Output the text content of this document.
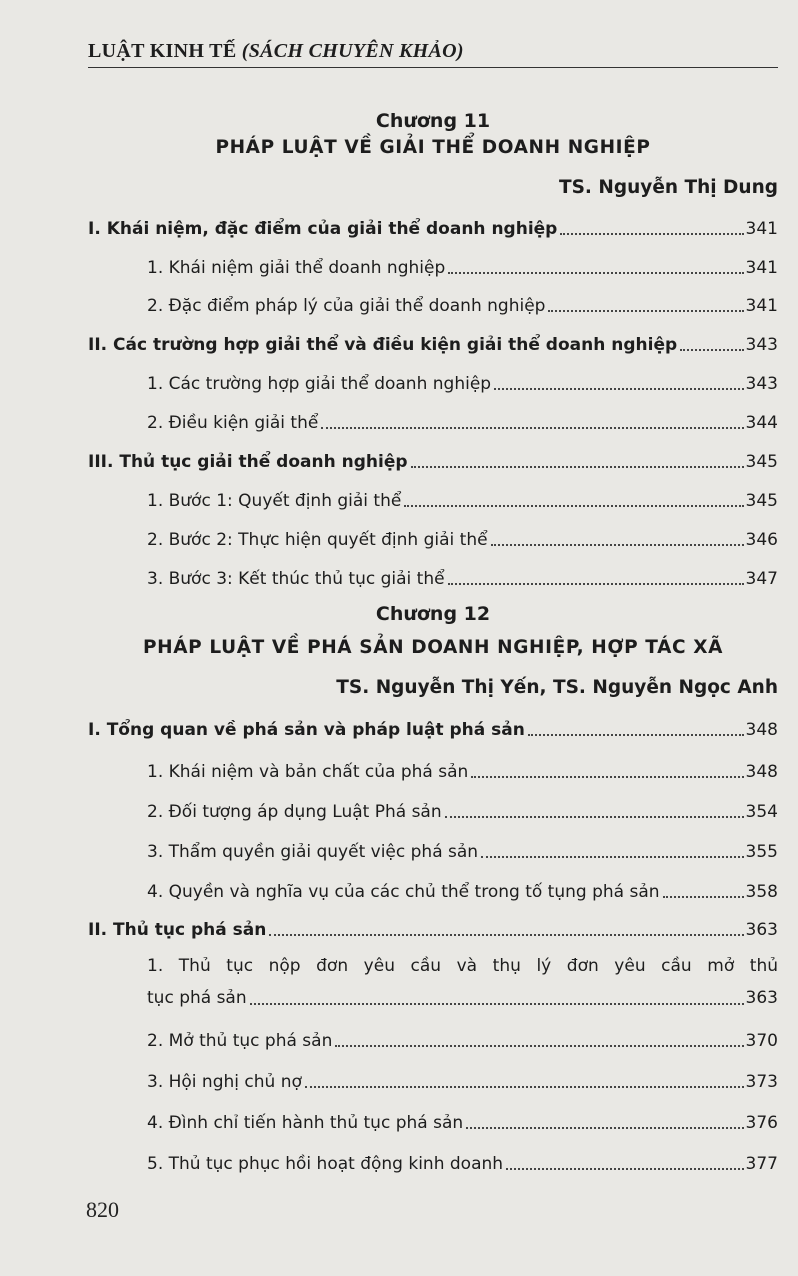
LUẬT KINH TẾ (SÁCH CHUYÊN KHẢO)
Chương 11
PHÁP LUẬT VỀ GIẢI THỂ DOANH NGHIỆP
TS. Nguyễn Thị Dung
I. Khái niệm, đặc điểm của giải thể doanh nghiệp	341
1. Khái niệm giải thể doanh nghiệp	341
2. Đặc điểm pháp lý của giải thể doanh nghiệp	341
II. Các trường hợp giải thể và điều kiện giải thể doanh nghiệp	343
1. Các trường hợp giải thể doanh nghiệp	343
2. Điều kiện giải thể	344
III. Thủ tục giải thể doanh nghiệp	345
1. Bước 1: Quyết định giải thể	345
2. Bước 2: Thực hiện quyết định giải thể	346
3. Bước 3: Kết thúc thủ tục giải thể	347
Chương 12
PHÁP LUẬT VỀ PHÁ SẢN DOANH NGHIỆP, HỢP TÁC XÃ
TS. Nguyễn Thị Yến, TS. Nguyễn Ngọc Anh
I. Tổng quan về phá sản và pháp luật phá sản	348
1. Khái niệm và bản chất của phá sản	348
2. Đối tượng áp dụng Luật Phá sản	354
3. Thẩm quyền giải quyết việc phá sản	355
4. Quyền và nghĩa vụ của các chủ thể trong tố tụng phá sản	358
II. Thủ tục phá sản	363
1. Thủ tục nộp đơn yêu cầu và thụ lý đơn yêu cầu mở thủ
tục phá sản	363
2. Mở thủ tục phá sản	370
3. Hội nghị chủ nợ	373
4. Đình chỉ tiến hành thủ tục phá sản	376
5. Thủ tục phục hồi hoạt động kinh doanh	377
820
